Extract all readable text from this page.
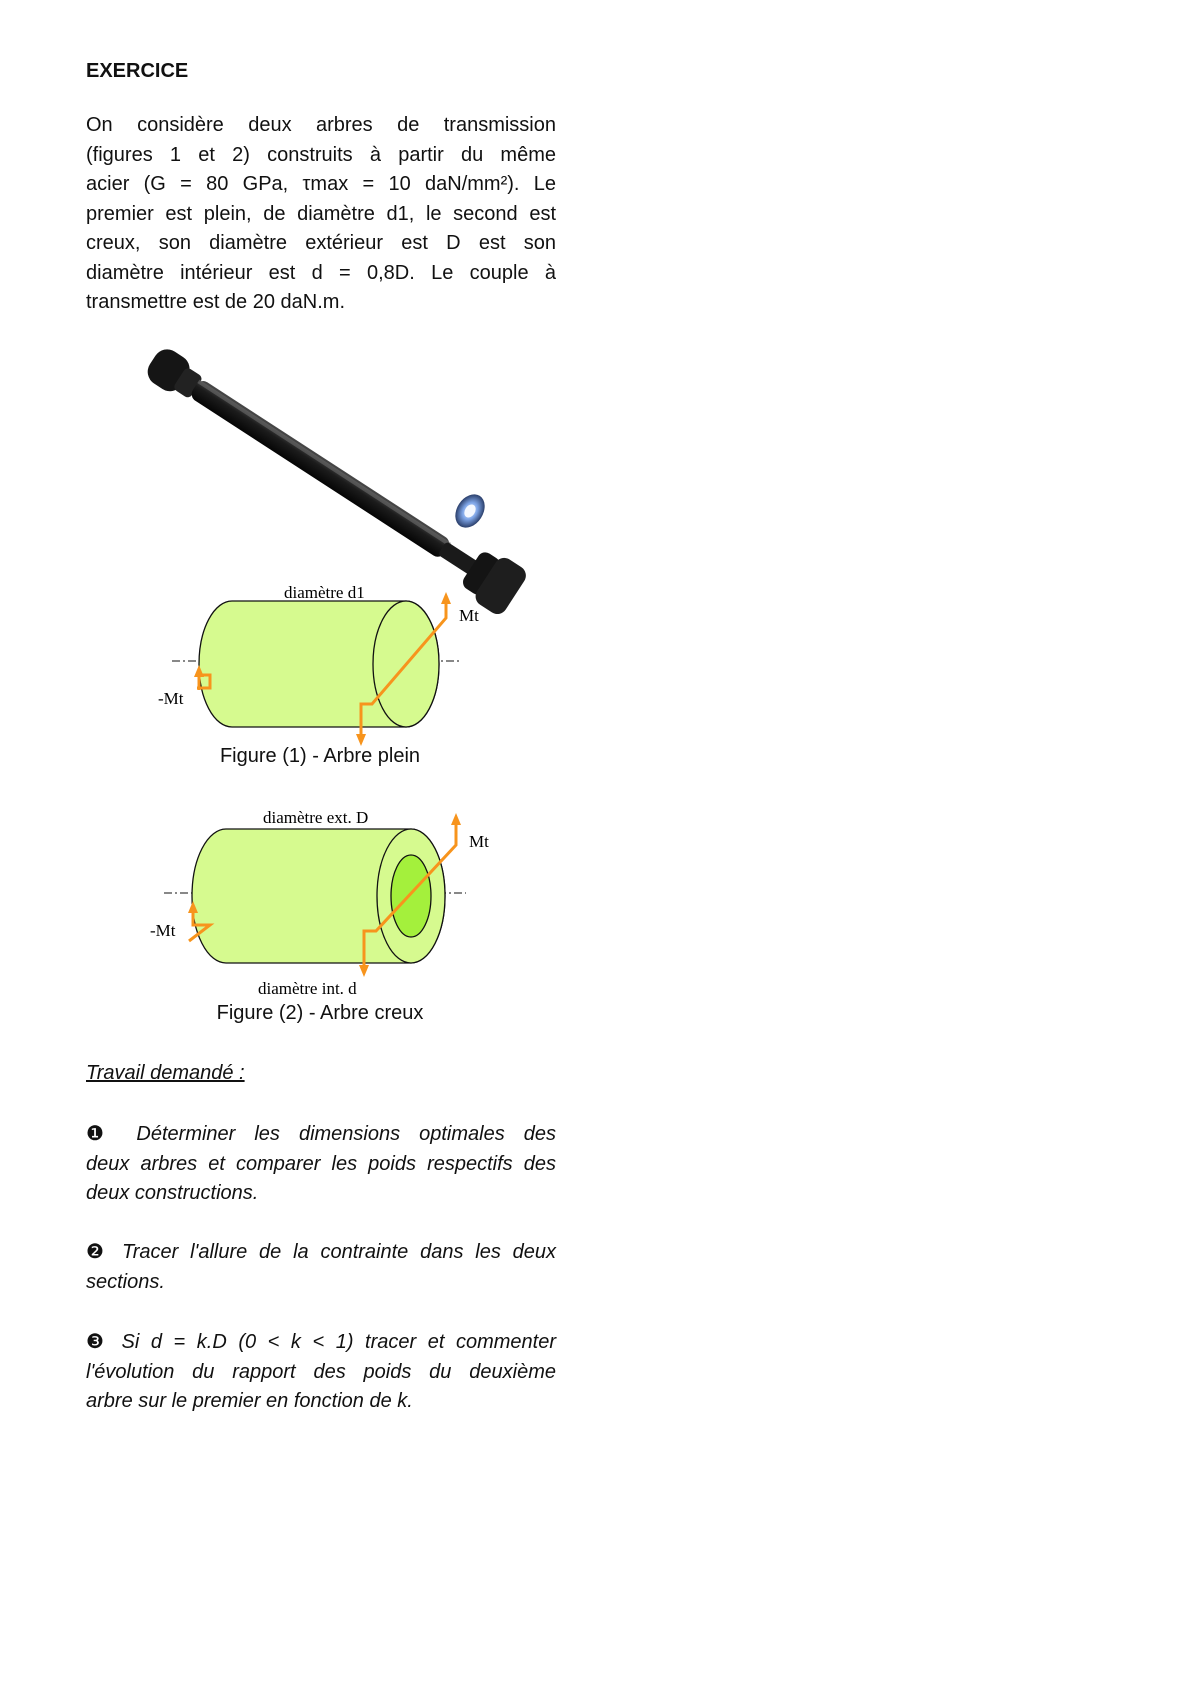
EXERCICE
On considère deux arbres de transmission
(figures 1 et 2) construits à partir du même
acier (G = 80 GPa, τmax = 10 daN/mm²). Le
premier est plein, de diamètre d1, le second est
creux, son diamètre extérieur est D est son
diamètre intérieur est d = 0,8D. Le couple à
transmettre est de 20 daN.m.
diamètre d1
Mt
-Mt
Figure (1) - Arbre plein
diamètre ext. D
Mt
-Mt
diamètre int. d
Figure (2) - Arbre creux
Travail demandé :
❶ Déterminer les dimensions optimales des
deux arbres et comparer les poids respectifs des
deux constructions.
❷ Tracer l'allure de la contrainte dans les deux
sections.
❸ Si d = k.D (0 < k < 1) tracer et commenter
l'évolution du rapport des poids du deuxième
arbre sur le premier en fonction de k.
